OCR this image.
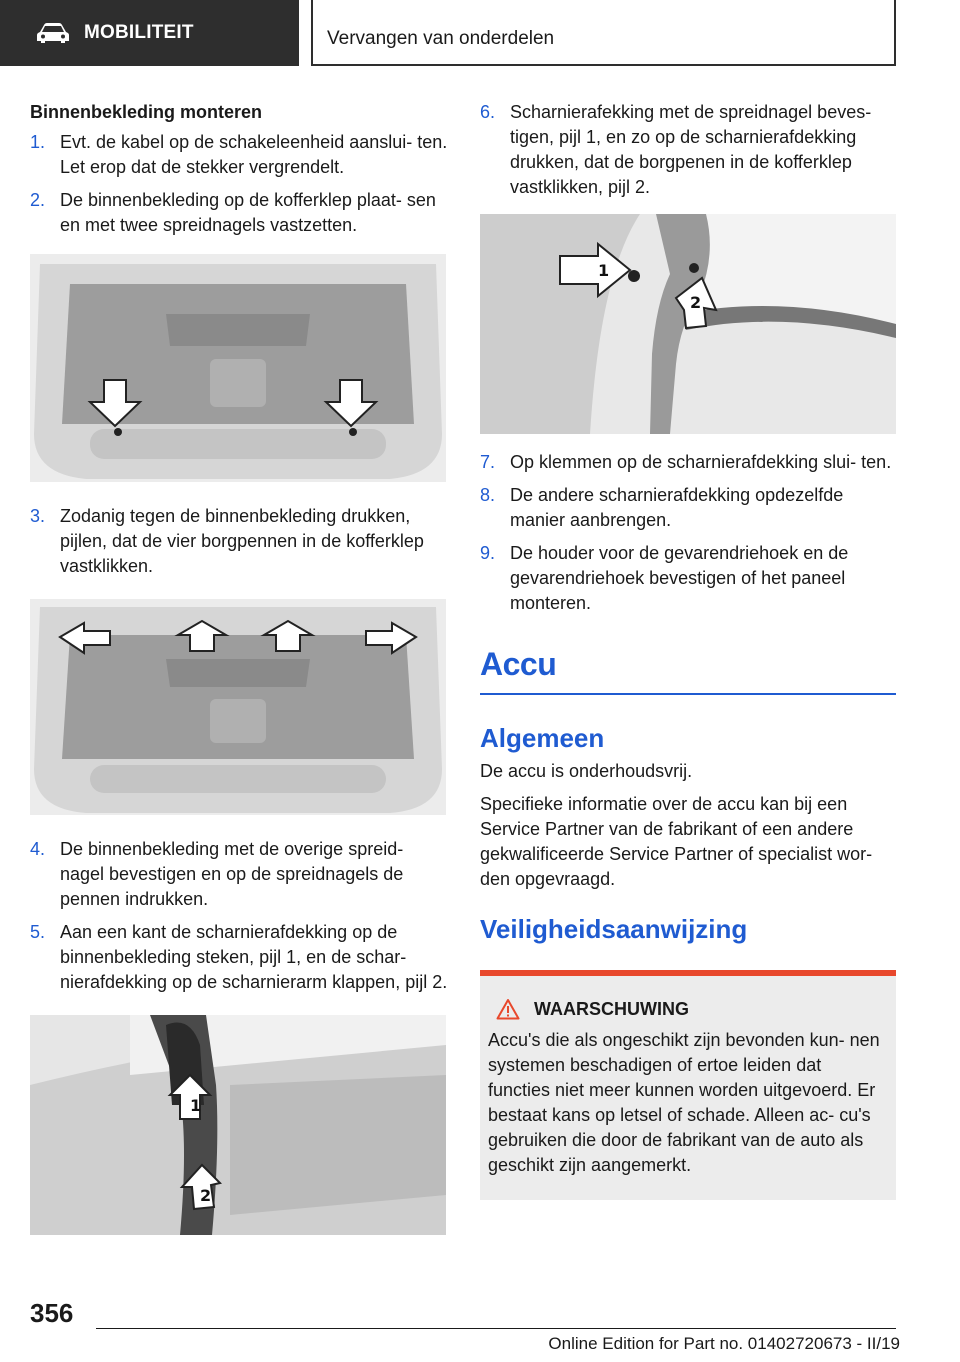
MOBILITEIT	Vervangen van onderdelen
Binnenbekleding monteren
1. Evt. de kabel op de schakeleenheid aanslui- ten. Let erop dat de stekker vergrendelt.
2. De binnenbekleding op de kofferklep plaat- sen en met twee spreidnagels vastzetten.
3. Zodanig tegen de binnenbekleding drukken, pijlen, dat de vier borgpennen in de kofferklep vastklikken.
4. De binnenbekleding met de overige spreid- nagel bevestigen en op de spreidnagels de pennen indrukken.
5. Aan een kant de scharnierafdekking op de binnenbekleding steken, pijl 1, en de schar- nierafdekking op de scharnierarm klappen, pijl 2.
1
2
6. Scharnierafekking met de spreidnagel beves- tigen, pijl 1, en zo op de scharnierafdekking drukken, dat de borgpenen in de kofferklep vastklikken, pijl 2.
1
2
7. Op klemmen op de scharnierafdekking slui- ten.
8. De andere scharnierafdekking opdezelfde manier aanbrengen.
9. De houder voor de gevarendriehoek en de gevarendriehoek bevestigen of het paneel monteren.
Accu
Algemeen

De accu is onderhoudsvrij.

Specifieke informatie over de accu kan bij een Service Partner van de fabrikant of een andere gekwalificeerde Service Partner of specialist wor- den opgevraagd.

Veiligheidsaanwijzing
WAARSCHUWING
Accu's die als ongeschikt zijn bevonden kun- nen systemen beschadigen of ertoe leiden dat functies niet meer kunnen worden uitgevoerd. Er bestaat kans op letsel of schade. Alleen ac- cu's gebruiken die door de fabrikant van de auto als geschikt zijn aangemerkt.
356
Online Edition for Part no. 01402720673 - II/19
